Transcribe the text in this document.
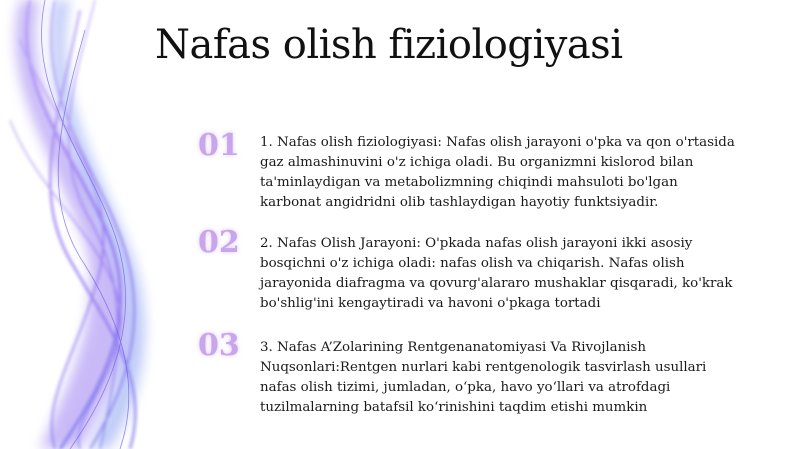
Nafas olish fiziologiyasi
01	1. Nafas olish fiziologiyasi: Nafas olish jarayoni o'pka va qon o'rtasida gaz almashinuvini o'z ichiga oladi. Bu organizmni kislorod bilan ta'minlaydigan va metabolizmning chiqindi mahsuloti bo'lgan karbonat angidridni olib tashlaydigan hayotiy funktsiyadir.
02	2. Nafas Olish Jarayoni: O'pkada nafas olish jarayoni ikki asosiy bosqichni o'z ichiga oladi: nafas olish va chiqarish. Nafas olish jarayonida diafragma va qovurg'alararo mushaklar qisqaradi, ko'krak bo'shlig'ini kengaytiradi va havoni o'pkaga tortadi
03	3. Nafas A’Zolarining Rentgenanatomiyasi Va Rivojlanish Nuqsonlari:Rentgen nurlari kabi rentgenologik tasvirlash usullari nafas olish tizimi, jumladan, o‘pka, havo yo‘llari va atrofdagi tuzilmalarning batafsil ko‘rinishini taqdim etishi mumkin
